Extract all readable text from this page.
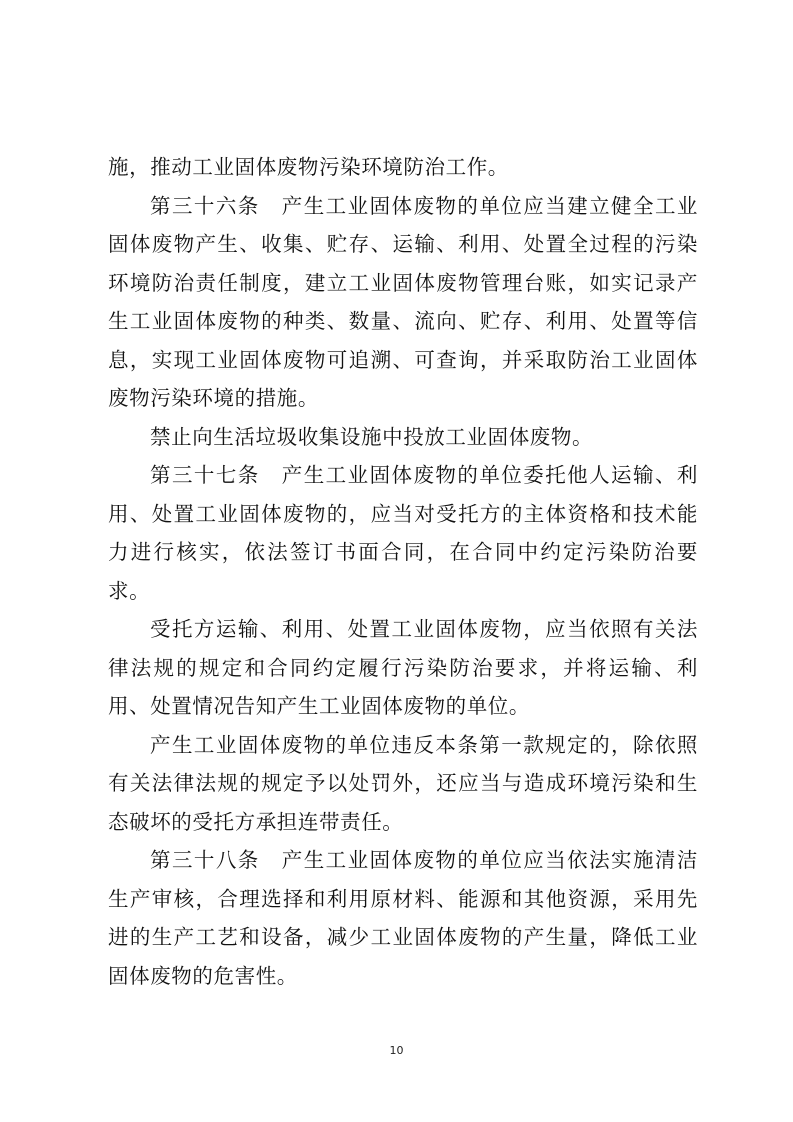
施，推动工业固体废物污染环境防治工作。

第三十六条 产生工业固体废物的单位应当建立健全工业固体废物产生、收集、贮存、运输、利用、处置全过程的污染环境防治责任制度，建立工业固体废物管理台账，如实记录产生工业固体废物的种类、数量、流向、贮存、利用、处置等信息，实现工业固体废物可追溯、可查询，并采取防治工业固体废物污染环境的措施。

禁止向生活垃圾收集设施中投放工业固体废物。

第三十七条 产生工业固体废物的单位委托他人运输、利用、处置工业固体废物的，应当对受托方的主体资格和技术能力进行核实，依法签订书面合同，在合同中约定污染防治要求。

受托方运输、利用、处置工业固体废物，应当依照有关法律法规的规定和合同约定履行污染防治要求，并将运输、利用、处置情况告知产生工业固体废物的单位。

产生工业固体废物的单位违反本条第一款规定的，除依照有关法律法规的规定予以处罚外，还应当与造成环境污染和生态破坏的受托方承担连带责任。

第三十八条 产生工业固体废物的单位应当依法实施清洁生产审核，合理选择和利用原材料、能源和其他资源，采用先进的生产工艺和设备，减少工业固体废物的产生量，降低工业固体废物的危害性。

10
